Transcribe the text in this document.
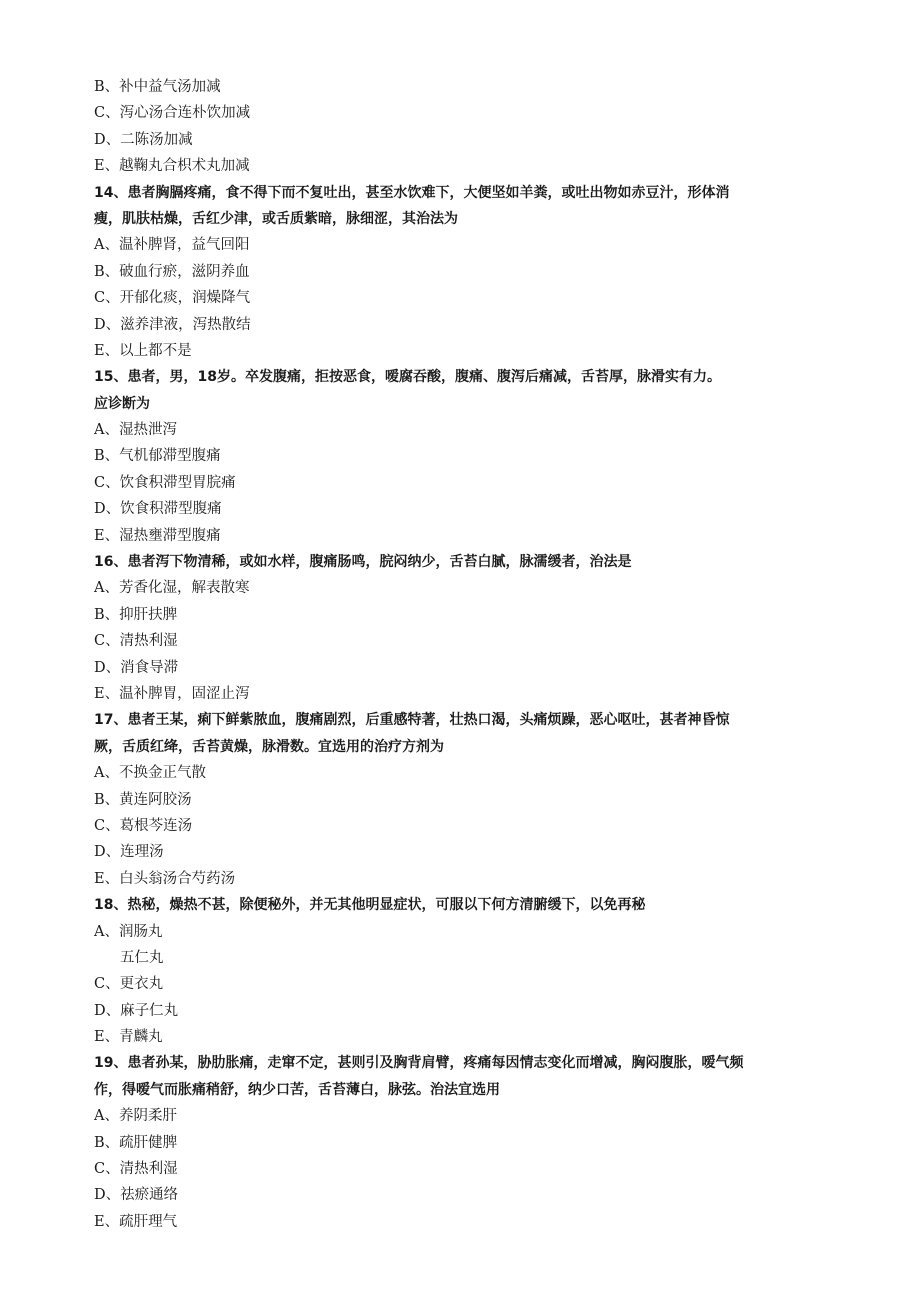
B、补中益气汤加减
C、泻心汤合连朴饮加减
D、二陈汤加减
E、越鞠丸合枳术丸加减
14、患者胸膈疼痛，食不得下而不复吐出，甚至水饮难下，大便坚如羊粪，或吐出物如赤豆汁，形体消
瘦，肌肤枯燥，舌红少津，或舌质紫暗，脉细涩，其治法为
A、温补脾肾，益气回阳
B、破血行瘀，滋阴养血
C、开郁化痰，润燥降气
D、滋养津液，泻热散结
E、以上都不是
15、患者，男，18岁。卒发腹痛，拒按恶食，嗳腐吞酸，腹痛、腹泻后痛减，舌苔厚，脉滑实有力。
应诊断为
A、湿热泄泻
B、气机郁滞型腹痛
C、饮食积滞型胃脘痛
D、饮食积滞型腹痛
E、湿热壅滞型腹痛
16、患者泻下物清稀，或如水样，腹痛肠鸣，脘闷纳少，舌苔白腻，脉濡缓者，治法是
A、芳香化湿，解表散寒
B、抑肝扶脾
C、清热利湿
D、消食导滞
E、温补脾胃，固涩止泻
17、患者王某，痢下鲜紫脓血，腹痛剧烈，后重感特著，壮热口渴，头痛烦躁，恶心呕吐，甚者神昏惊
厥，舌质红绛，舌苔黄燥，脉滑数。宜选用的治疗方剂为
A、不换金正气散
B、黄连阿胶汤
C、葛根芩连汤
D、连理汤
E、白头翁汤合芍药汤
18、热秘，燥热不甚，除便秘外，并无其他明显症状，可服以下何方清腑缓下，以免再秘
A、润肠丸
五仁丸
C、更衣丸
D、麻子仁丸
E、青麟丸
19、患者孙某，胁肋胀痛，走窜不定，甚则引及胸背肩臂，疼痛每因情志变化而增减，胸闷腹胀，嗳气频
作，得嗳气而胀痛稍舒，纳少口苦，舌苔薄白，脉弦。治法宜选用
A、养阴柔肝
B、疏肝健脾
C、清热利湿
D、祛瘀通络
E、疏肝理气
